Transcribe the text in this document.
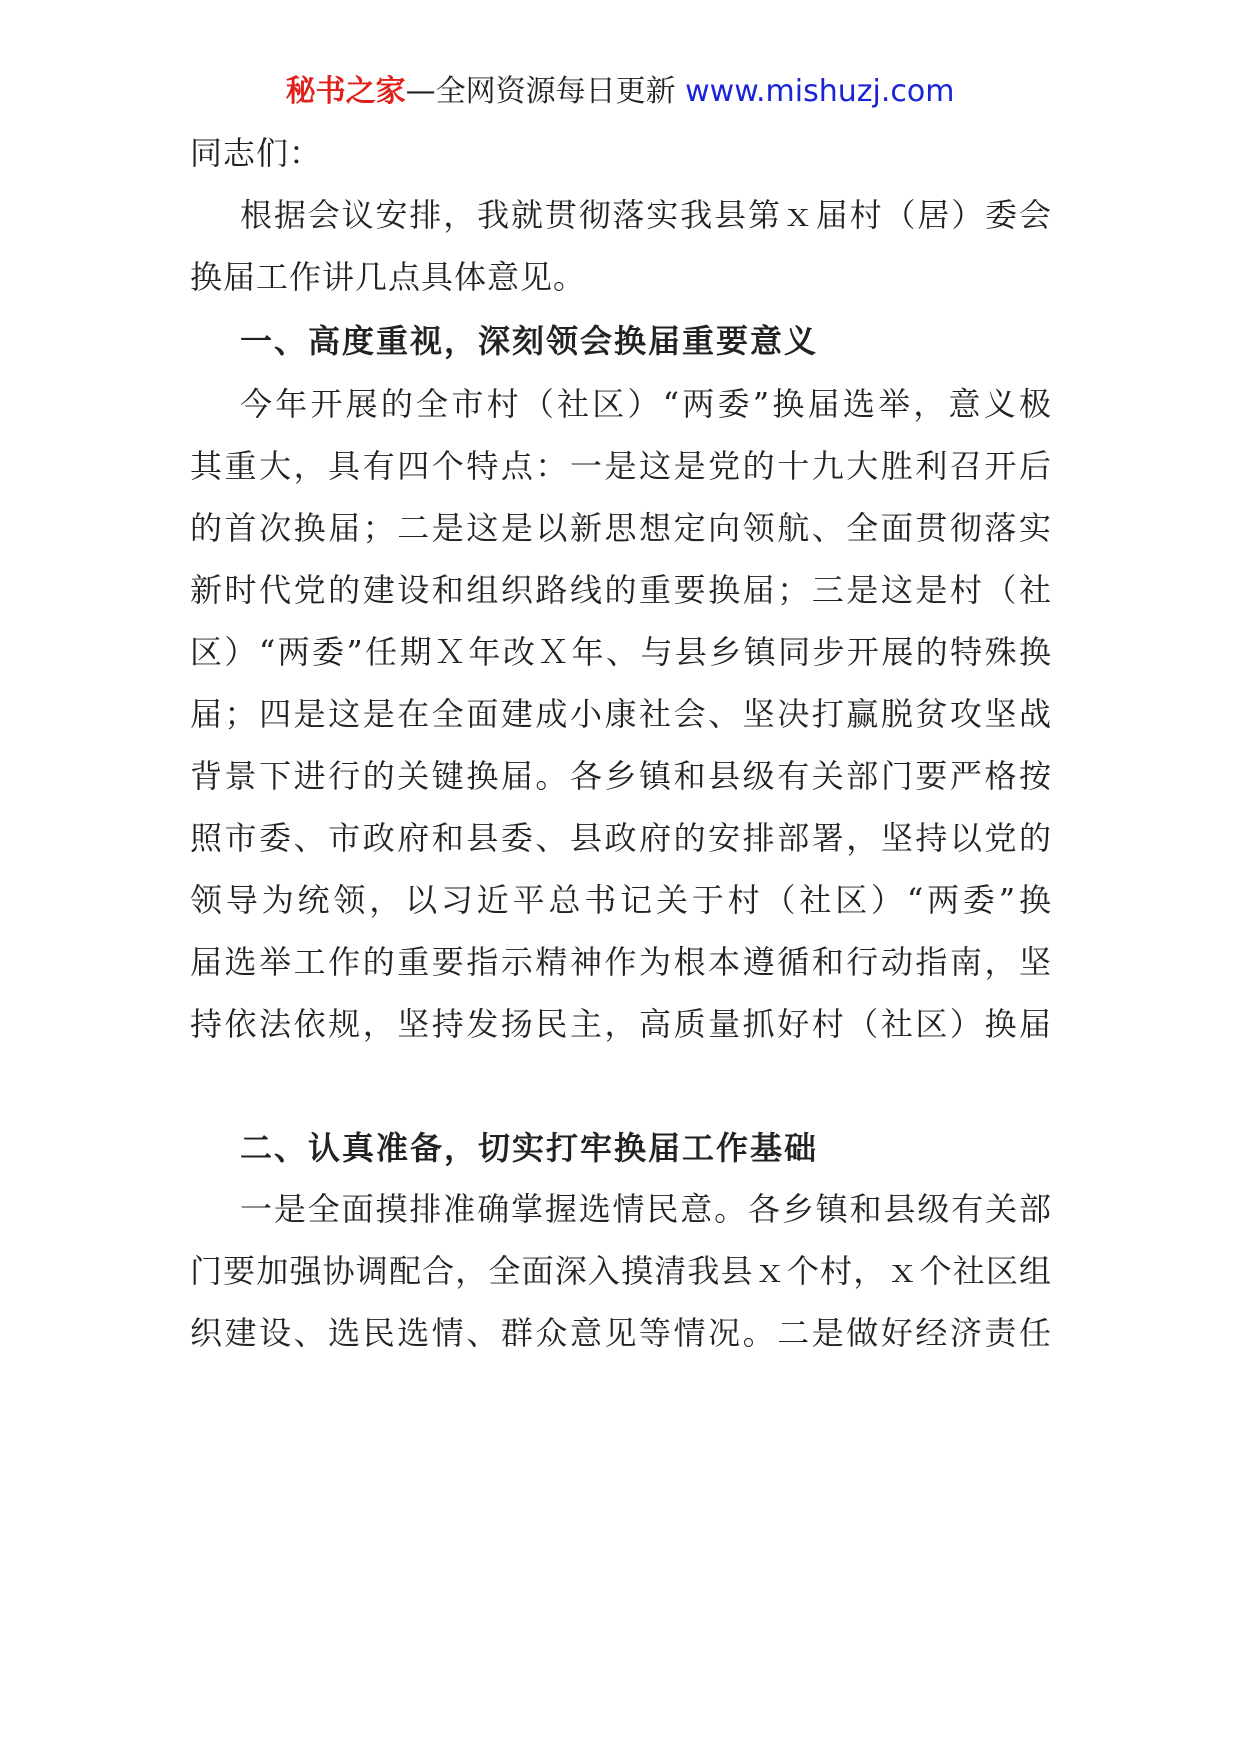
秘书之家—全网资源每日更新 www.mishuzj.com
同志们：
根据会议安排，我就贯彻落实我县第ｘ届村（居）委会
换届工作讲几点具体意见。
一、高度重视，深刻领会换届重要意义
今年开展的全市村（社区）“两委”换届选举，意义极
其重大，具有四个特点：一是这是党的十九大胜利召开后
的首次换届；二是这是以新思想定向领航、全面贯彻落实
新时代党的建设和组织路线的重要换届；三是这是村（社
区）“两委”任期Ｘ年改Ｘ年、与县乡镇同步开展的特殊换
届；四是这是在全面建成小康社会、坚决打赢脱贫攻坚战
背景下进行的关键换届。各乡镇和县级有关部门要严格按
照市委、市政府和县委、县政府的安排部署，坚持以党的
领导为统领，以习近平总书记关于村（社区）“两委”换
届选举工作的重要指示精神作为根本遵循和行动指南，坚
持依法依规，坚持发扬民主，高质量抓好村（社区）换届
二、认真准备，切实打牢换届工作基础
一是全面摸排准确掌握选情民意。各乡镇和县级有关部
门要加强协调配合，全面深入摸清我县ｘ个村，ｘ个社区组
织建设、选民选情、群众意见等情况。二是做好经济责任
